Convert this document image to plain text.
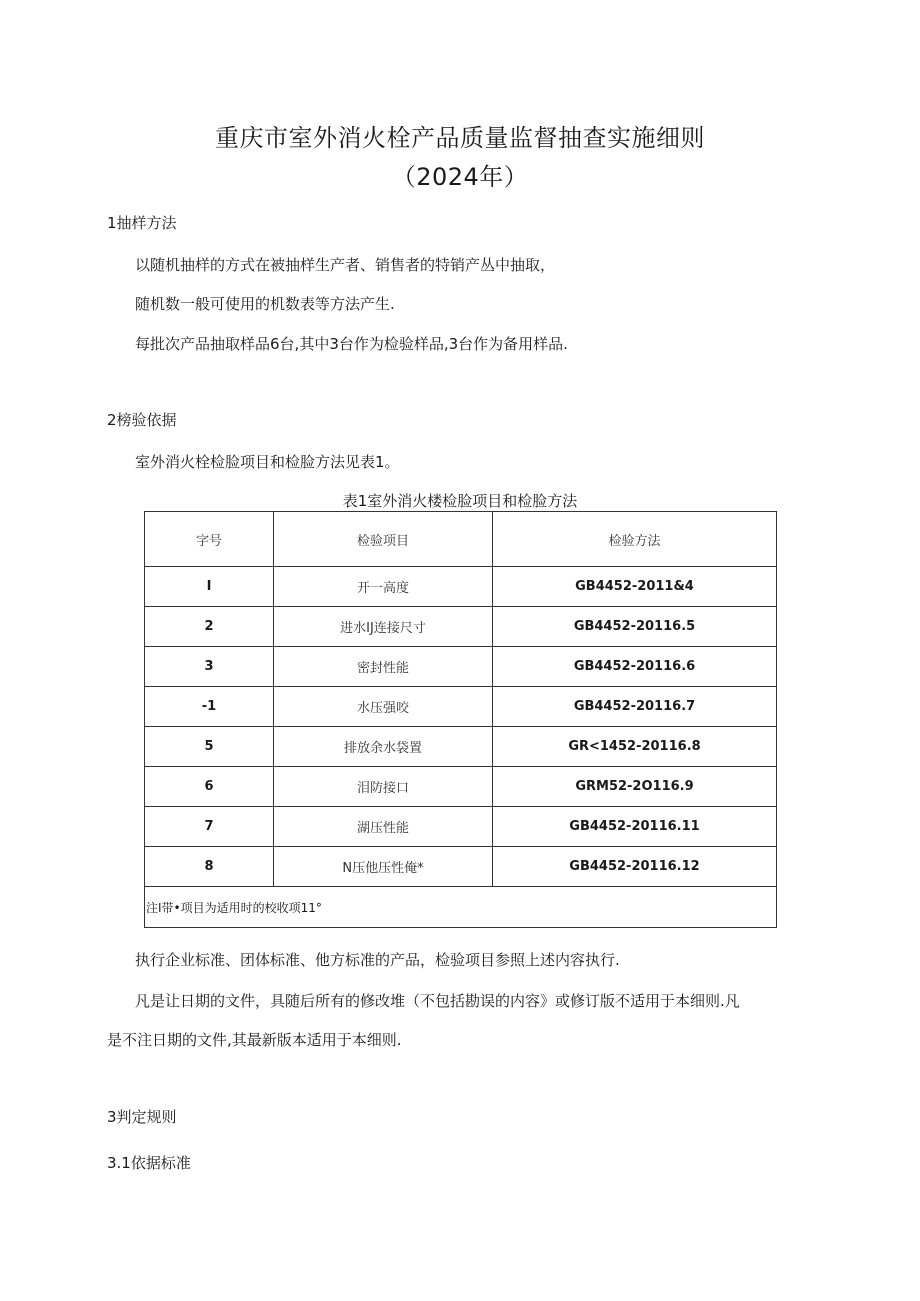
重庆市室外消火栓产品质量监督抽查实施细则
（2024年）
1抽样方法
以随机抽样的方式在被抽样生产者、销售者的特销产丛中抽取，
随机数一般可使用的机数表等方法产生.
每批次产品抽取样品6台,其中3台作为检验样品,3台作为备用样品.
2榜验依据
室外消火栓检脸项目和检脸方法见表1。
表1室外消火楼检脸项目和检脸方法
字号	检验项目	检验方法
I	开一高度	GB4452-2011&4
2	进水IJ连接尺寸	GB4452-20116.5
3	密封性能	GB4452-20116.6
-1	水压强咬	GB4452-20116.7
5	排放余水袋置	GR<1452-20116.8
6	泪防接口	GRM52-2O116.9
7	湖压性能	GB4452-20116.11
8	N压他压性俺*	GB4452-20116.12
注I带•项目为适用时的校收项11°		
执行企业标准、团体标准、他方标准的产品，检验项目参照上述内容执行.
凡是让日期的文件，具随后所有的修改堆（不包括勘误的内容》或修订版不适用于本细则.凡
是不注日期的文件,其最新版本适用于本细则.
3判定规则
3.1依据标准
